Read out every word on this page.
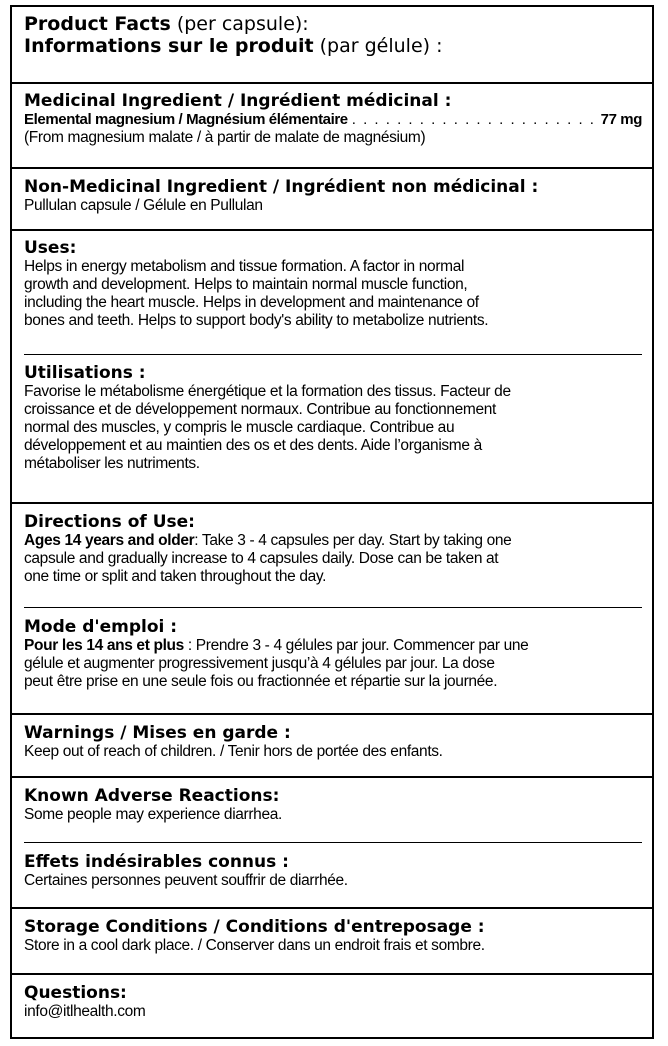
Product Facts (per capsule):
Informations sur le produit (par gélule) :
Medicinal Ingredient / Ingrédient médicinal :
Elemental magnesium / Magnésium élémentaire
. . .	77 mg
(From magnesium malate / à partir de malate de magnésium)
Non-Medicinal Ingredient / Ingrédient non médicinal :
Pullulan capsule / Gélule en Pullulan
Uses:
Helps in energy metabolism and tissue formation. A factor in normal
growth and development. Helps to maintain normal muscle function,
including the heart muscle. Helps in development and maintenance of
bones and teeth. Helps to support body's ability to metabolize nutrients.
Utilisations :
Favorise le métabolisme énergétique et la formation des tissus. Facteur de
croissance et de développement normaux. Contribue au fonctionnement
normal des muscles, y compris le muscle cardiaque. Contribue au
développement et au maintien des os et des dents. Aide l’organisme à
métaboliser les nutriments.
Directions of Use:
Ages 14 years and older: Take 3 - 4 capsules per day. Start by taking one
capsule and gradually increase to 4 capsules daily. Dose can be taken at
one time or split and taken throughout the day.
Mode d'emploi :
Pour les 14 ans et plus : Prendre 3 - 4 gélules par jour. Commencer par une
gélule et augmenter progressivement jusqu’à 4 gélules par jour. La dose
peut être prise en une seule fois ou fractionnée et répartie sur la journée.
Warnings / Mises en garde :
Keep out of reach of children. / Tenir hors de portée des enfants.
Known Adverse Reactions:
Some people may experience diarrhea.
Effets indésirables connus :
Certaines personnes peuvent souffrir de diarrhée.
Storage Conditions / Conditions d'entreposage :
Store in a cool dark place. / Conserver dans un endroit frais et sombre.
Questions:
info@itlhealth.com
